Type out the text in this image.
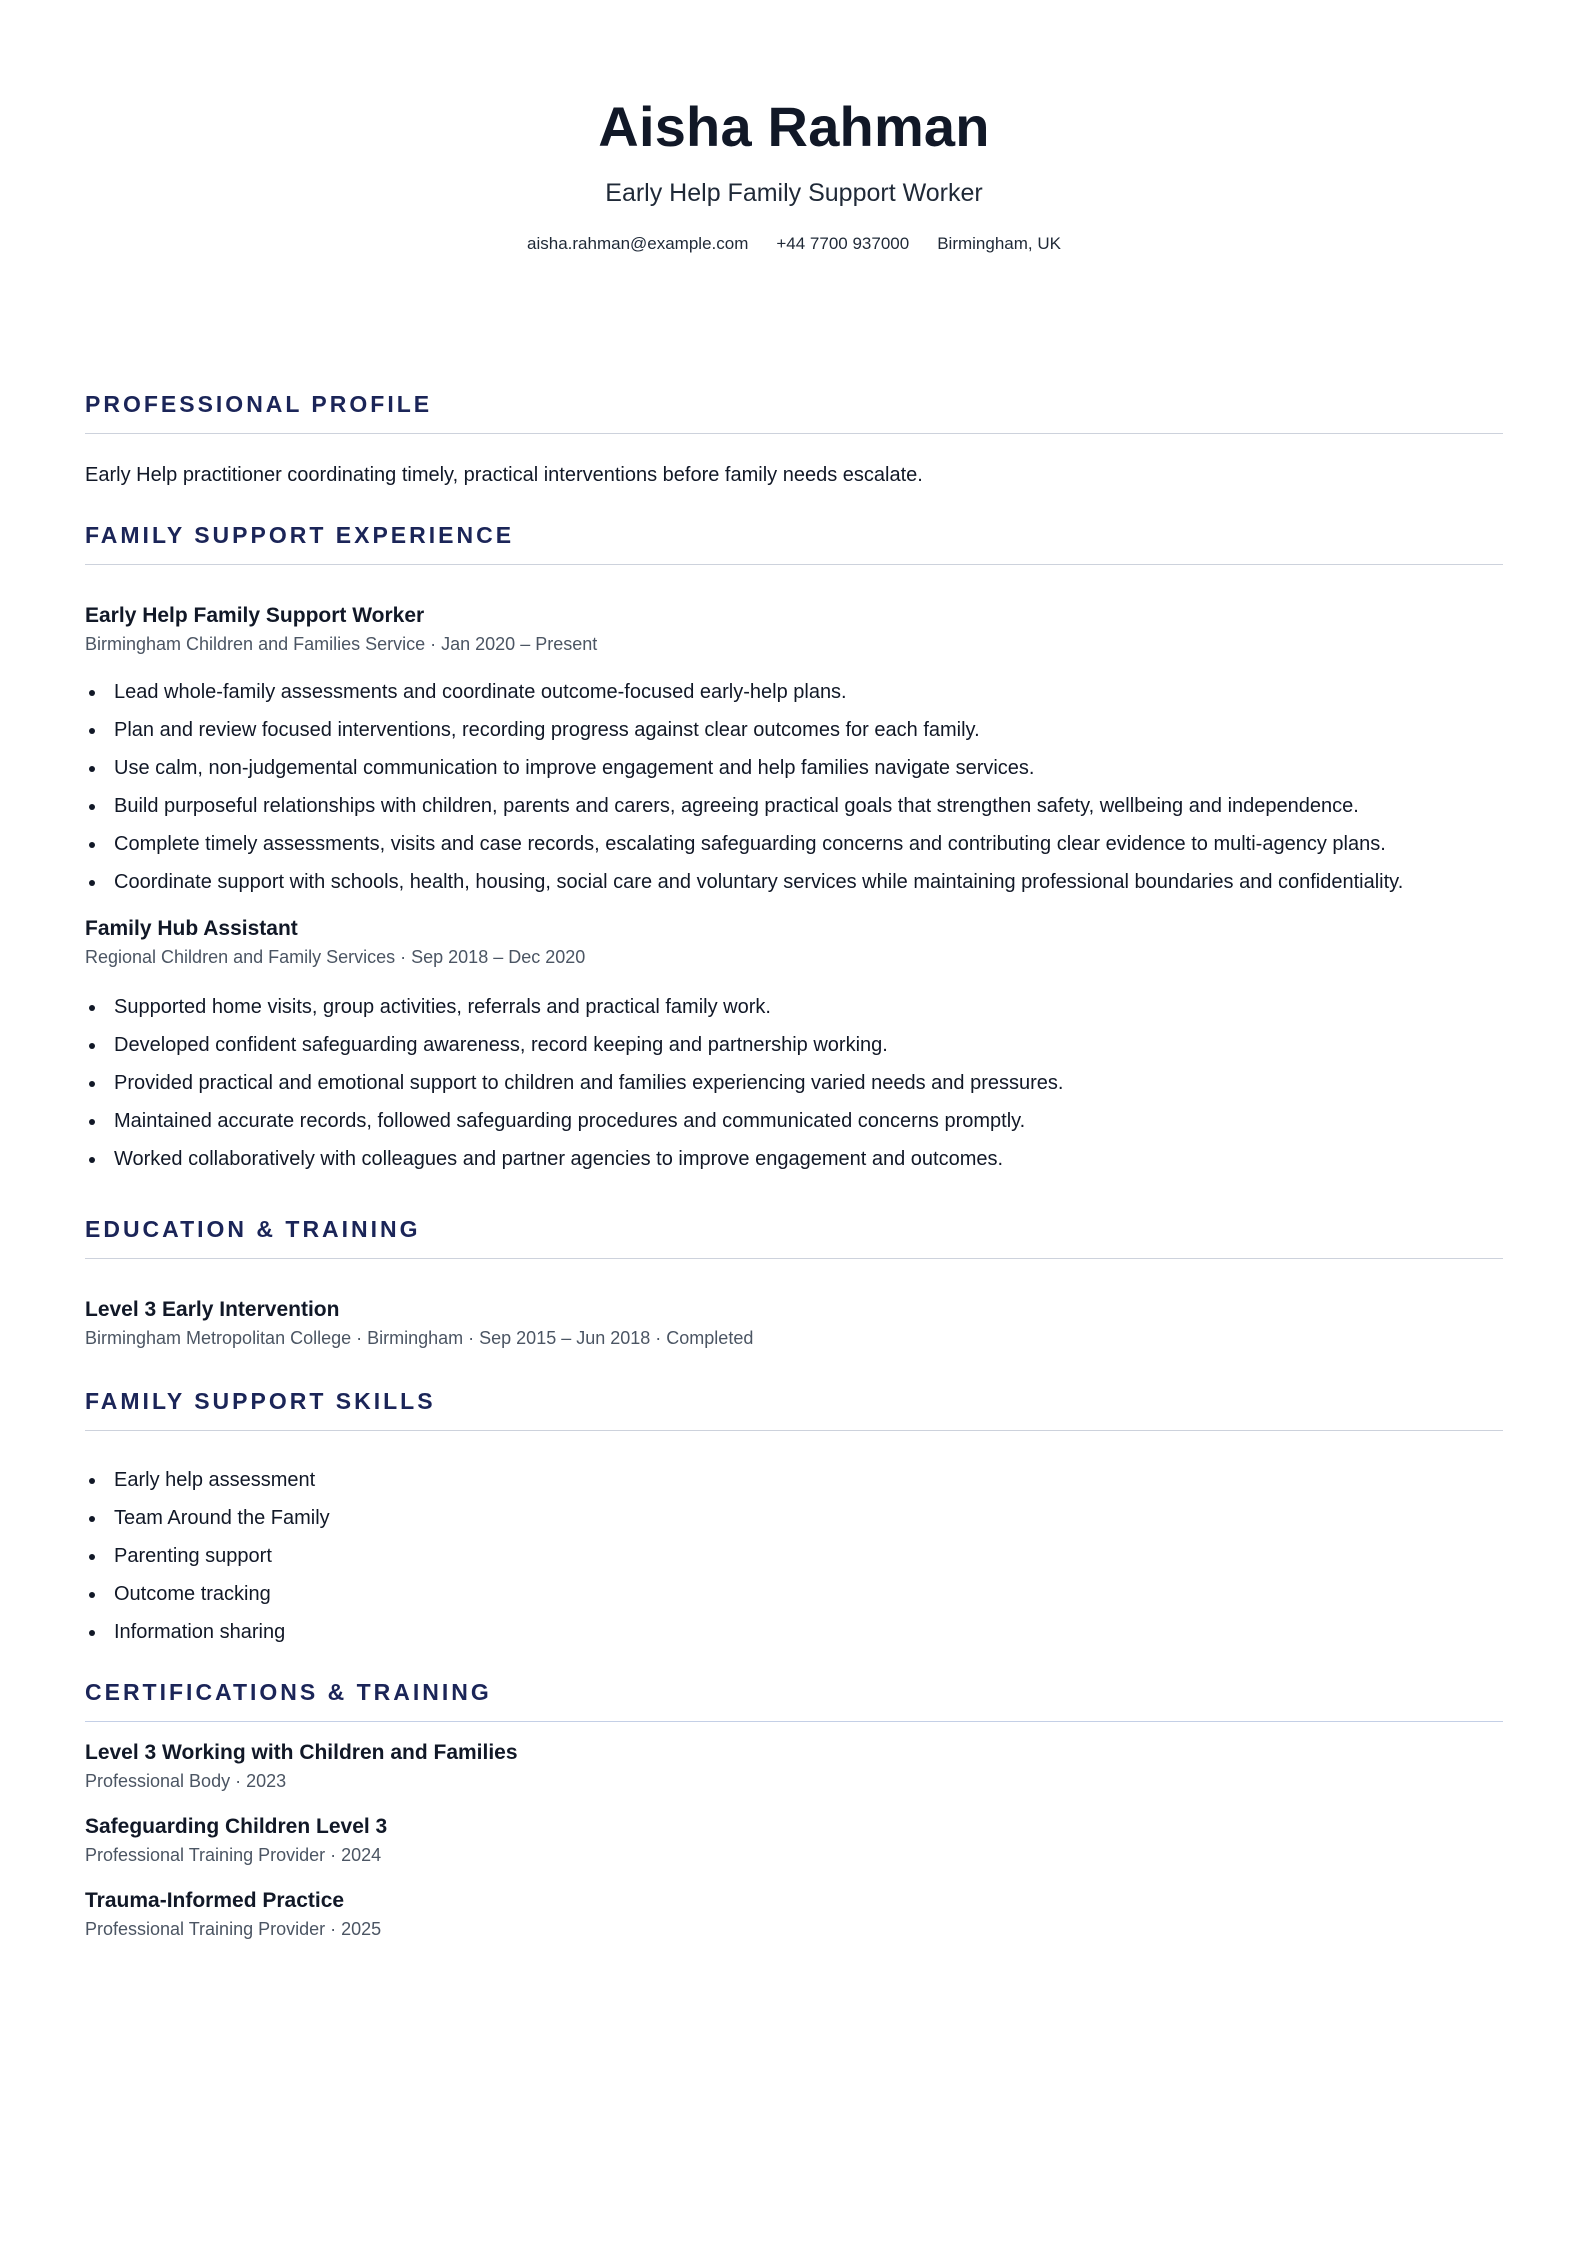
Aisha Rahman

Early Help Family Support Worker

aisha.rahman@example.com +44 7700 937000 Birmingham, UK
PROFESSIONAL PROFILE

Early Help practitioner coordinating timely, practical interventions before family needs escalate.

FAMILY SUPPORT EXPERIENCE
Early Help Family Support Worker

Birmingham Children and Families Service · Jan 2020 – Present

Lead whole-family assessments and coordinate outcome-focused early-help plans.
Plan and review focused interventions, recording progress against clear outcomes for each family.
Use calm, non-judgemental communication to improve engagement and help families navigate services.
Build purposeful relationships with children, parents and carers, agreeing practical goals that strengthen safety, wellbeing and independence.
Complete timely assessments, visits and case records, escalating safeguarding concerns and contributing clear evidence to multi-agency plans.
Coordinate support with schools, health, housing, social care and voluntary services while maintaining professional boundaries and confidentiality.
Family Hub Assistant

Regional Children and Family Services · Sep 2018 – Dec 2020

Supported home visits, group activities, referrals and practical family work.
Developed confident safeguarding awareness, record keeping and partnership working.
Provided practical and emotional support to children and families experiencing varied needs and pressures.
Maintained accurate records, followed safeguarding procedures and communicated concerns promptly.
Worked collaboratively with colleagues and partner agencies to improve engagement and outcomes.
EDUCATION & TRAINING
Level 3 Early Intervention

Birmingham Metropolitan College · Birmingham · Sep 2015 – Jun 2018 · Completed

FAMILY SUPPORT SKILLS
Early help assessment
Team Around the Family
Parenting support
Outcome tracking
Information sharing
CERTIFICATIONS & TRAINING
Level 3 Working with Children and Families

Professional Body · 2023

Safeguarding Children Level 3

Professional Training Provider · 2024

Trauma-Informed Practice

Professional Training Provider · 2025
